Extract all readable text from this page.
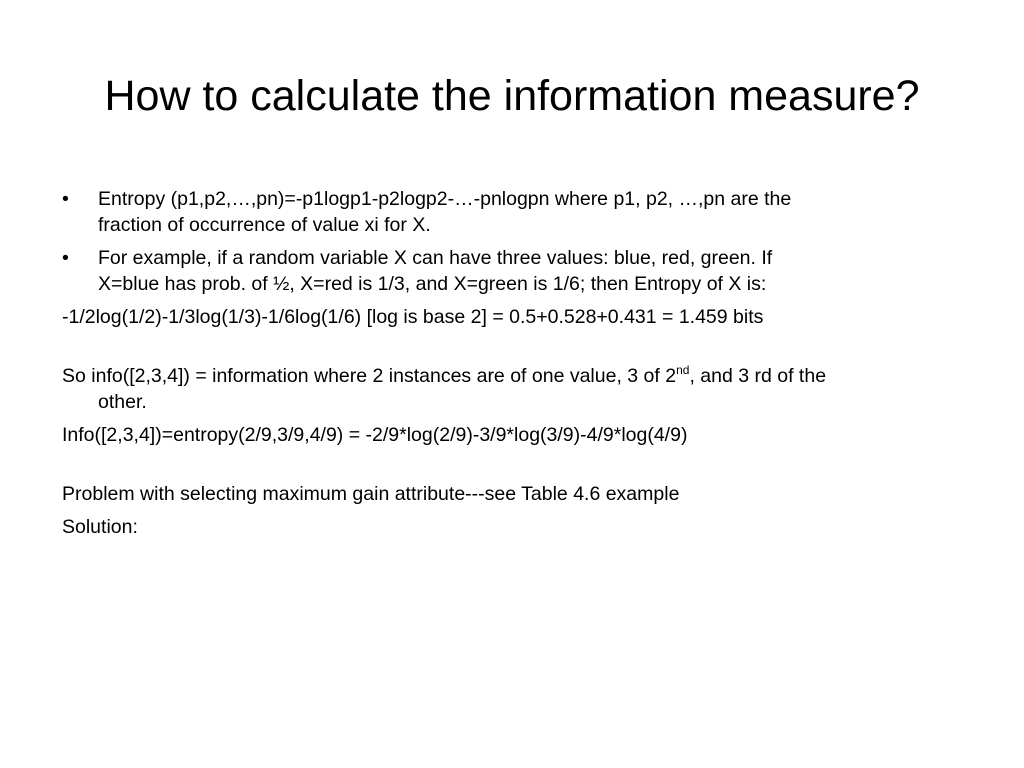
How to calculate the information measure?
• Entropy (p1,p2,…,pn)=-p1logp1-p2logp2-…-pnlogpn where p1, p2, …,pn are the
fraction of occurrence of value xi for X.
• For example, if a random variable X can have three values: blue, red, green. If
X=blue has prob. of ½, X=red is 1/3, and X=green is 1/6; then Entropy of X is:
-1/2log(1/2)-1/3log(1/3)-1/6log(1/6) [log is base 2] = 0.5+0.528+0.431 = 1.459 bits
So info([2,3,4]) = information where 2 instances are of one value, 3 of 2nd, and 3 rd of the
other.
Info([2,3,4])=entropy(2/9,3/9,4/9) = -2/9*log(2/9)-3/9*log(3/9)-4/9*log(4/9)
Problem with selecting maximum gain attribute---see Table 4.6 example
Solution:
